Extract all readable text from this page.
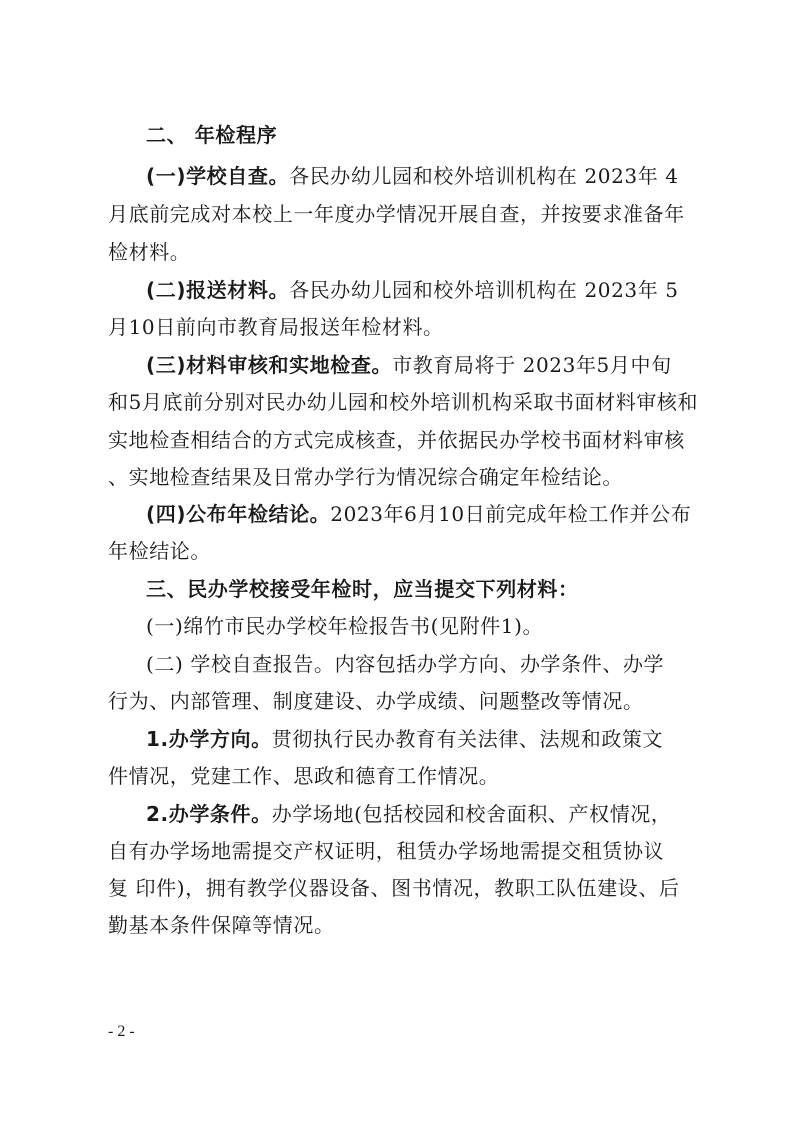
二、 年检程序
(一)学校自查。各民办幼儿园和校外培训机构在 2023年 4
月底前完成对本校上一年度办学情况开展自查，并按要求准备年
检材料。
(二)报送材料。各民办幼儿园和校外培训机构在 2023年 5
月10日前向市教育局报送年检材料。
(三)材料审核和实地检查。市教育局将于 2023年5月中旬
和5月底前分别对民办幼儿园和校外培训机构采取书面材料审核和
实地检查相结合的方式完成核查，并依据民办学校书面材料审核
、实地检查结果及日常办学行为情况综合确定年检结论。
(四)公布年检结论。2023年6月10日前完成年检工作并公布
年检结论。
三、民办学校接受年检时，应当提交下列材料：
(一)绵竹市民办学校年检报告书(见附件1)。
(二) 学校自查报告。内容包括办学方向、办学条件、办学
行为、内部管理、制度建设、办学成绩、问题整改等情况。
1.办学方向。贯彻执行民办教育有关法律、法规和政策文
件情况，党建工作、思政和德育工作情况。
2.办学条件。办学场地(包括校园和校舍面积、产权情况，
自有办学场地需提交产权证明，租赁办学场地需提交租赁协议
复 印件)，拥有教学仪器设备、图书情况，教职工队伍建设、后
勤基本条件保障等情况。
- 2 -
